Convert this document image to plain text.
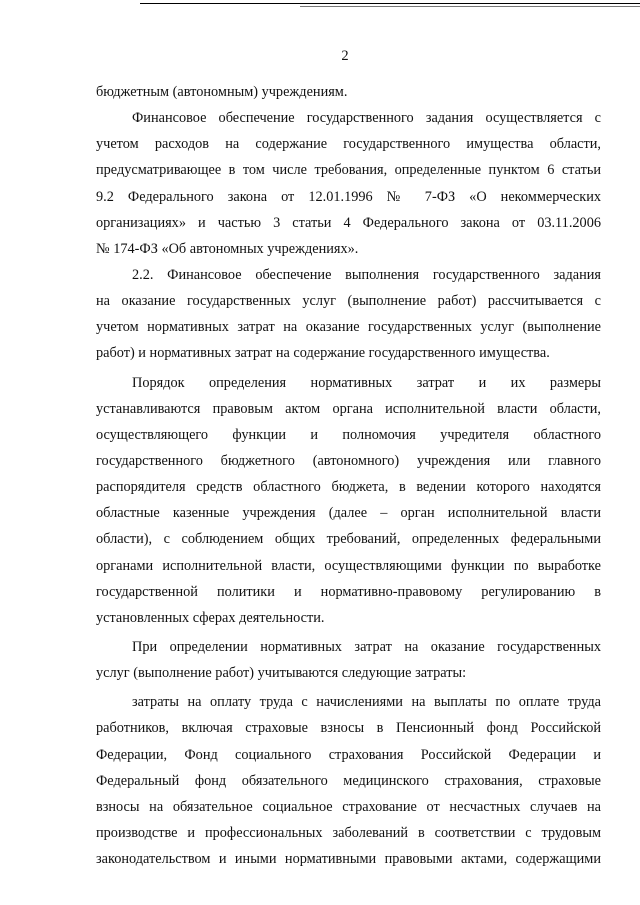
2
бюджетным (автономным) учреждениям.
Финансовое обеспечение государственного задания осуществляется с
учетом расходов на содержание государственного имущества области,
предусматривающее в том числе требования, определенные пунктом 6 статьи
9.2 Федерального закона от 12.01.1996 № 7-ФЗ «О некоммерческих
организациях» и частью 3 статьи 4 Федерального закона от 03.11.2006
№ 174-ФЗ «Об автономных учреждениях».
2.2. Финансовое обеспечение выполнения государственного задания
на оказание государственных услуг (выполнение работ) рассчитывается с
учетом нормативных затрат на оказание государственных услуг (выполнение
работ) и нормативных затрат на содержание государственного имущества.
Порядок определения нормативных затрат и их размеры
устанавливаются правовым актом органа исполнительной власти области,
осуществляющего функции и полномочия учредителя областного
государственного бюджетного (автономного) учреждения или главного
распорядителя средств областного бюджета, в ведении которого находятся
областные казенные учреждения (далее – орган исполнительной власти
области), с соблюдением общих требований, определенных федеральными
органами исполнительной власти, осуществляющими функции по выработке
государственной политики и нормативно-правовому регулированию в
установленных сферах деятельности.
При определении нормативных затрат на оказание государственных
услуг (выполнение работ) учитываются следующие затраты:
затраты на оплату труда с начислениями на выплаты по оплате труда
работников, включая страховые взносы в Пенсионный фонд Российской
Федерации, Фонд социального страхования Российской Федерации и
Федеральный фонд обязательного медицинского страхования, страховые
взносы на обязательное социальное страхование от несчастных случаев на
производстве и профессиональных заболеваний в соответствии с трудовым
законодательством и иными нормативными правовыми актами, содержащими
